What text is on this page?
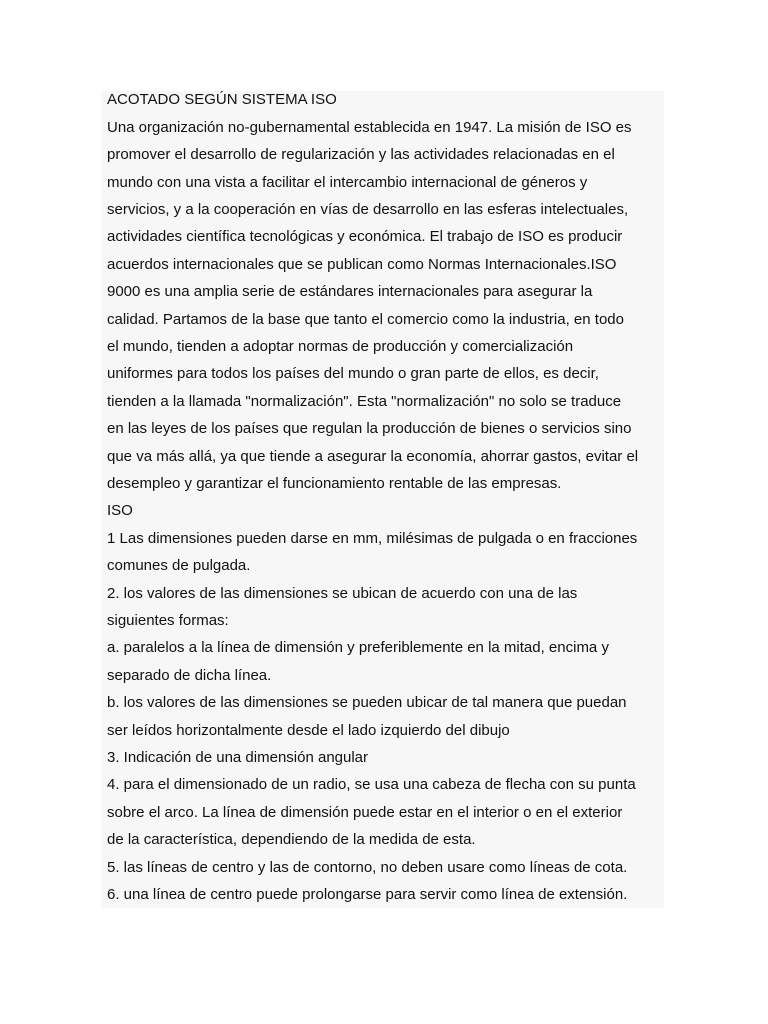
ACOTADO SEGÚN SISTEMA ISO
Una organización no-gubernamental establecida en 1947. La misión de ISO es
promover el desarrollo de regularización y las actividades relacionadas en el
mundo con una vista a facilitar el intercambio internacional de géneros y
servicios, y a la cooperación en vías de desarrollo en las esferas intelectuales,
actividades científica tecnológicas y económica. El trabajo de ISO es producir
acuerdos internacionales que se publican como Normas Internacionales.ISO
9000 es una amplia serie de estándares internacionales para asegurar la
calidad. Partamos de la base que tanto el comercio como la industria, en todo
el mundo, tienden a adoptar normas de producción y comercialización
uniformes para todos los países del mundo o gran parte de ellos, es decir,
tienden a la llamada "normalización". Esta "normalización" no solo se traduce
en las leyes de los países que regulan la producción de bienes o servicios sino
que va más allá, ya que tiende a asegurar la economía, ahorrar gastos, evitar el
desempleo y garantizar el funcionamiento rentable de las empresas.
ISO
1 Las dimensiones pueden darse en mm, milésimas de pulgada o en fracciones
comunes de pulgada.
2. los valores de las dimensiones se ubican de acuerdo con una de las
siguientes formas:
a. paralelos a la línea de dimensión y preferiblemente en la mitad, encima y
separado de dicha línea.
b. los valores de las dimensiones se pueden ubicar de tal manera que puedan
ser leídos horizontalmente desde el lado izquierdo del dibujo
3. Indicación de una dimensión angular
4. para el dimensionado de un radio, se usa una cabeza de flecha con su punta
sobre el arco. La línea de dimensión puede estar en el interior o en el exterior
de la característica, dependiendo de la medida de esta.
5. las líneas de centro y las de contorno, no deben usare como líneas de cota.
6. una línea de centro puede prolongarse para servir como línea de extensión.
